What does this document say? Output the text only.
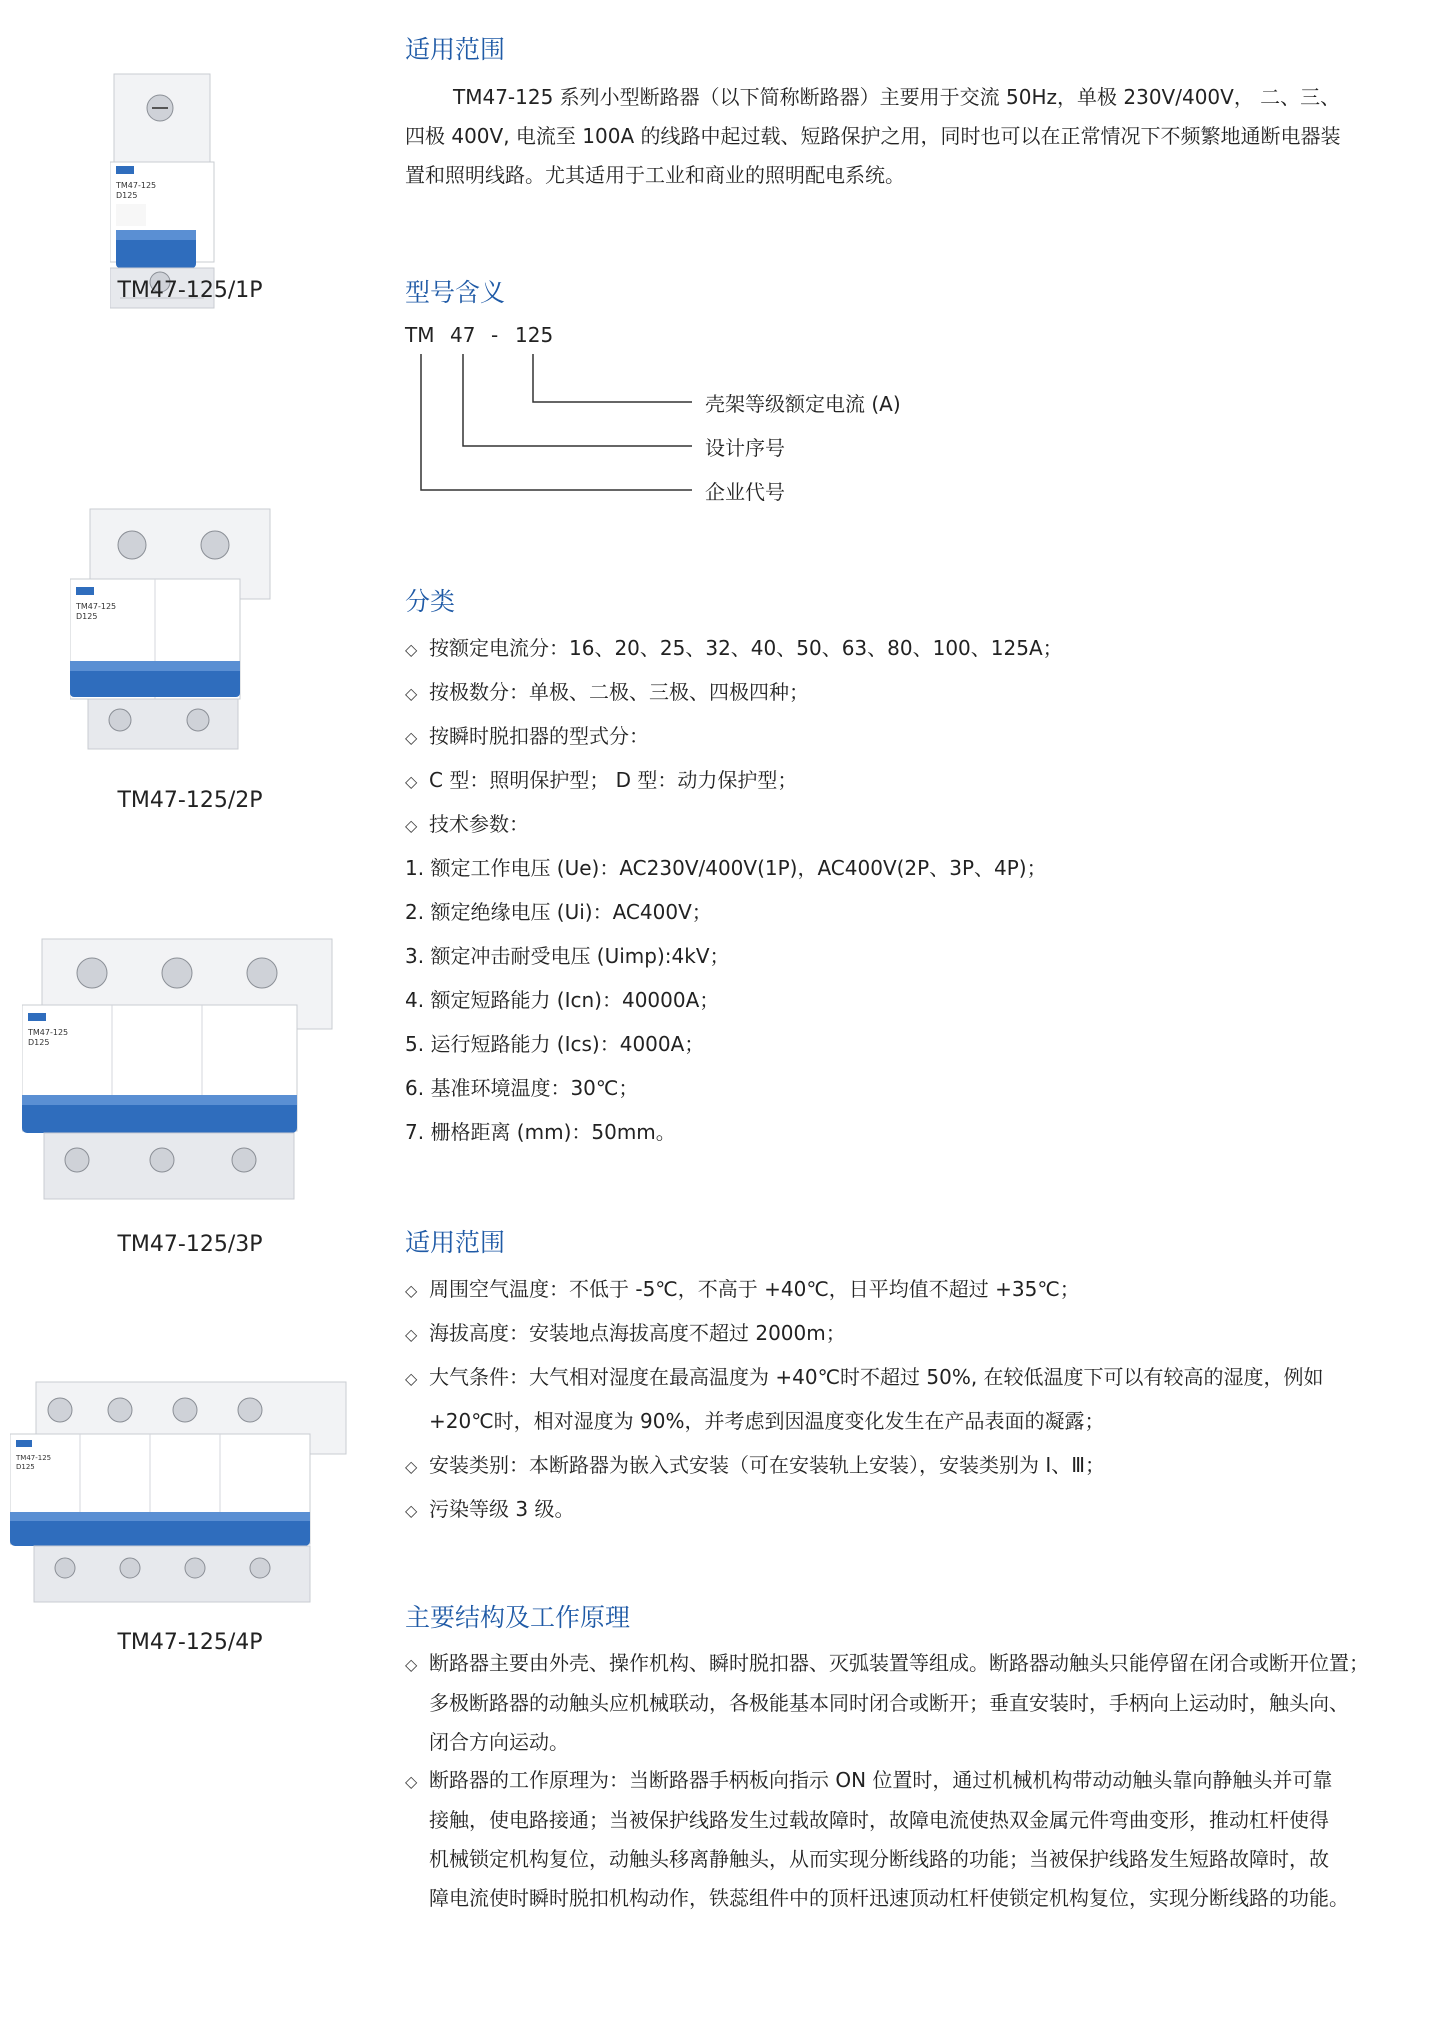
TM47-125
D125
TM47-125/1P
TM47-125
D125
TM47-125/2P
TM47-125
D125
TM47-125/3P
TM47-125
D125
TM47-125/4P
适用范围
TM47-125 系列小型断路器（以下简称断路器）主要用于交流 50Hz，单极 230V/400V， 二、三、
四极 400V, 电流至 100A 的线路中起过载、短路保护之用，同时也可以在正常情况下不频繁地通断电器装
置和照明线路。尤其适用于工业和商业的照明配电系统。
型号含义
TM 47 - 125
壳架等级额定电流 (A)
设计序号
企业代号
分类
◇ 按额定电流分：16、20、25、32、40、50、63、80、100、125A；
◇ 按极数分：单极、二极、三极、四极四种；
◇ 按瞬时脱扣器的型式分：
◇ C 型：照明保护型； D 型：动力保护型；
◇ 技术参数：
1. 额定工作电压 (Ue)：AC230V/400V(1P)，AC400V(2P、3P、4P)；
2. 额定绝缘电压 (Ui)：AC400V；
3. 额定冲击耐受电压 (Uimp):4kV；
4. 额定短路能力 (Icn)：40000A；
5. 运行短路能力 (Ics)：4000A；
6. 基准环境温度：30℃；
7. 栅格距离 (mm)：50mm。
适用范围
◇ 周围空气温度：不低于 -5℃，不高于 +40℃，日平均值不超过 +35℃；
◇ 海拔高度：安装地点海拔高度不超过 2000m；
◇ 大气条件：大气相对湿度在最高温度为 +40℃时不超过 50%, 在较低温度下可以有较高的湿度，例如
+20℃时，相对湿度为 90%，并考虑到因温度变化发生在产品表面的凝露；
◇ 安装类别：本断路器为嵌入式安装（可在安装轨上安装），安装类别为 Ⅰ、Ⅲ；
◇ 污染等级 3 级。
主要结构及工作原理
◇ 断路器主要由外壳、操作机构、瞬时脱扣器、灭弧装置等组成。断路器动触头只能停留在闭合或断开位置；
多极断路器的动触头应机械联动，各极能基本同时闭合或断开；垂直安装时，手柄向上运动时，触头向、
闭合方向运动。
◇ 断路器的工作原理为：当断路器手柄板向指示 ON 位置时，通过机械机构带动动触头靠向静触头并可靠
接触，使电路接通；当被保护线路发生过载故障时，故障电流使热双金属元件弯曲变形，推动杠杆使得
机械锁定机构复位，动触头移离静触头，从而实现分断线路的功能；当被保护线路发生短路故障时，故
障电流使时瞬时脱扣机构动作，铁蕊组件中的顶杆迅速顶动杠杆使锁定机构复位，实现分断线路的功能。
